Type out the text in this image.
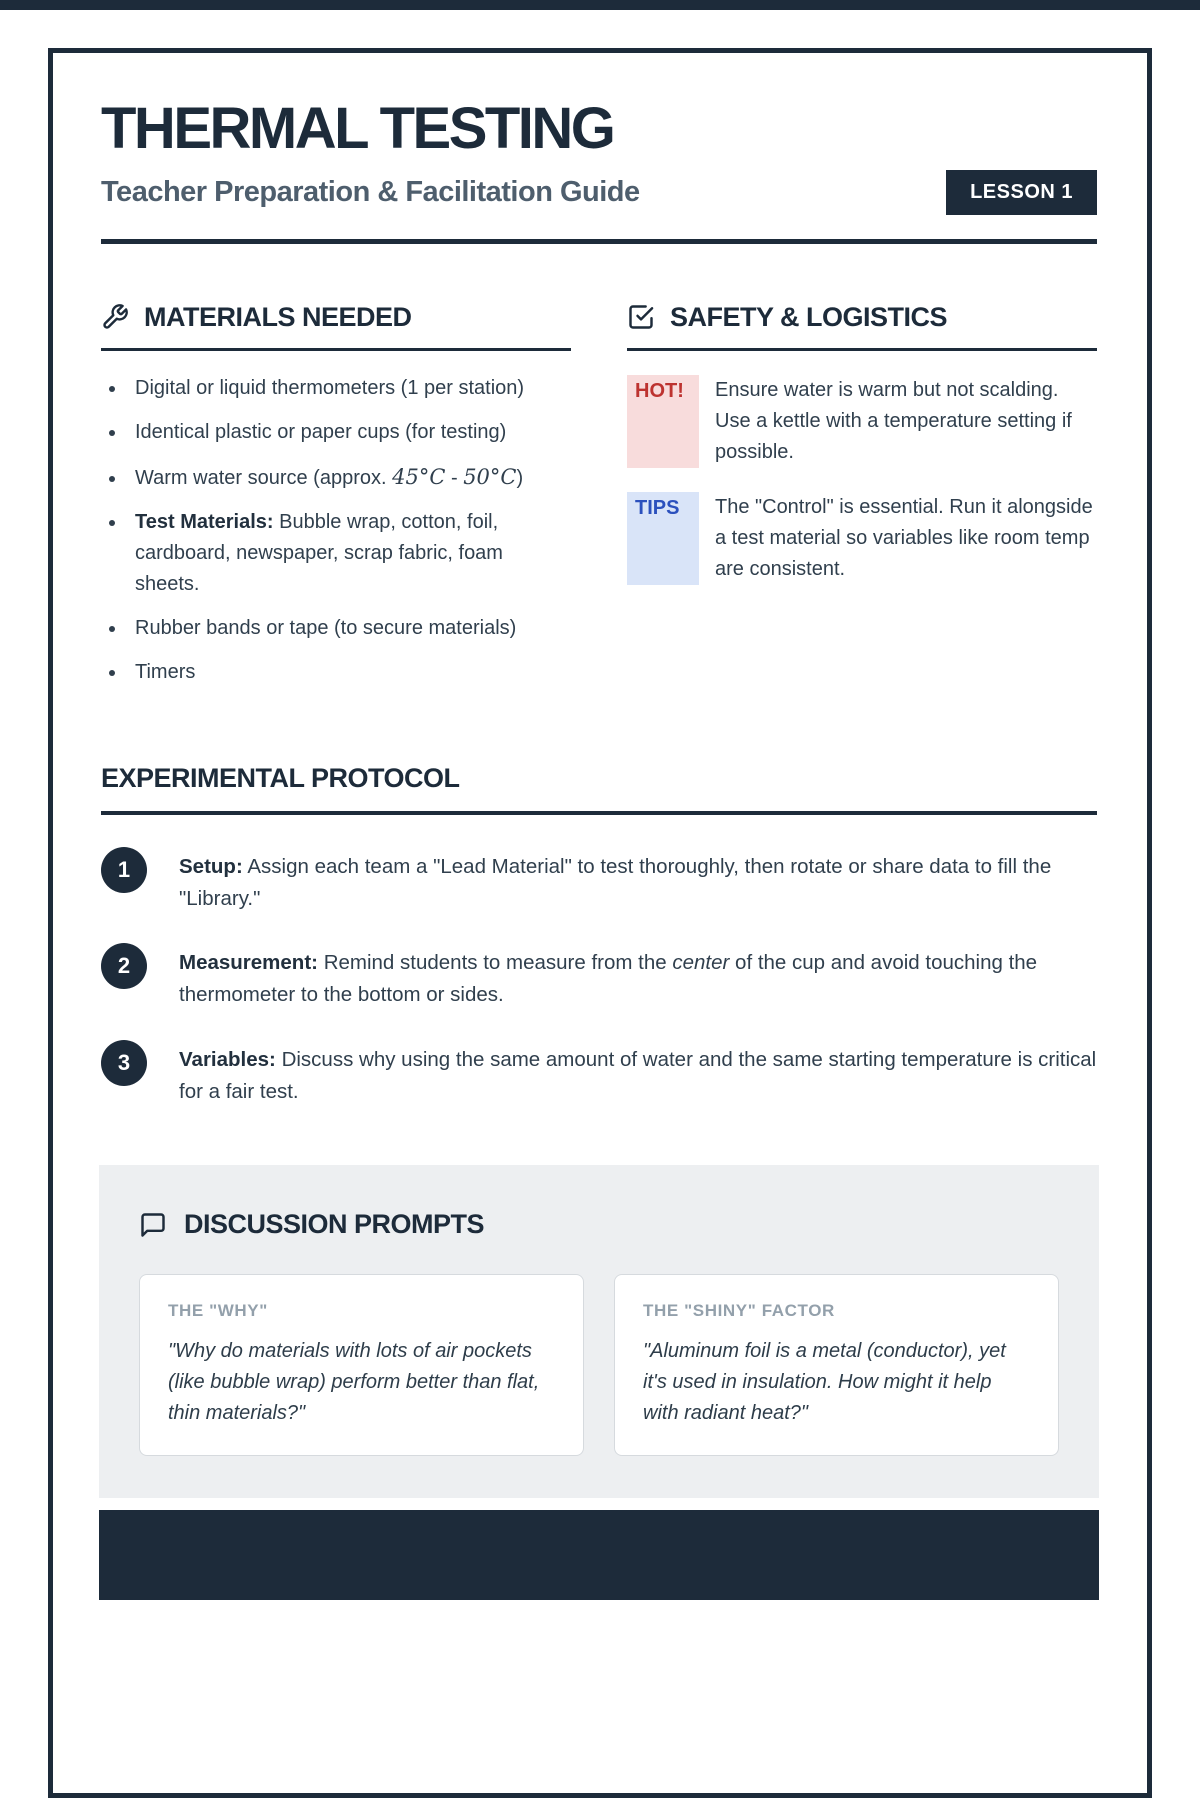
THERMAL TESTING
Teacher Preparation & Facilitation Guide	LESSON 1
MATERIALS NEEDED
• Digital or liquid thermometers (1 per station)
• Identical plastic or paper cups (for testing)
• Warm water source (approx. 45°C - 50°C)
• Test Materials: Bubble wrap, cotton, foil, cardboard, newspaper, scrap fabric, foam sheets.
• Rubber bands or tape (to secure materials)
• Timers
SAFETY & LOGISTICS
HOT!	Ensure water is warm but not scalding. Use a kettle with a temperature setting if possible.
TIPS	The "Control" is essential. Run it alongside a test material so variables like room temp are consistent.
EXPERIMENTAL PROTOCOL
1	Setup: Assign each team a "Lead Material" to test thoroughly, then rotate or share data to fill the "Library."
2	Measurement: Remind students to measure from the center of the cup and avoid touching the thermometer to the bottom or sides.
3	Variables: Discuss why using the same amount of water and the same starting temperature is critical for a fair test.
DISCUSSION PROMPTS
THE "WHY"
"Why do materials with lots of air pockets (like bubble wrap) perform better than flat, thin materials?"
THE "SHINY" FACTOR
"Aluminum foil is a metal (conductor), yet it's used in insulation. How might it help with radiant heat?"
